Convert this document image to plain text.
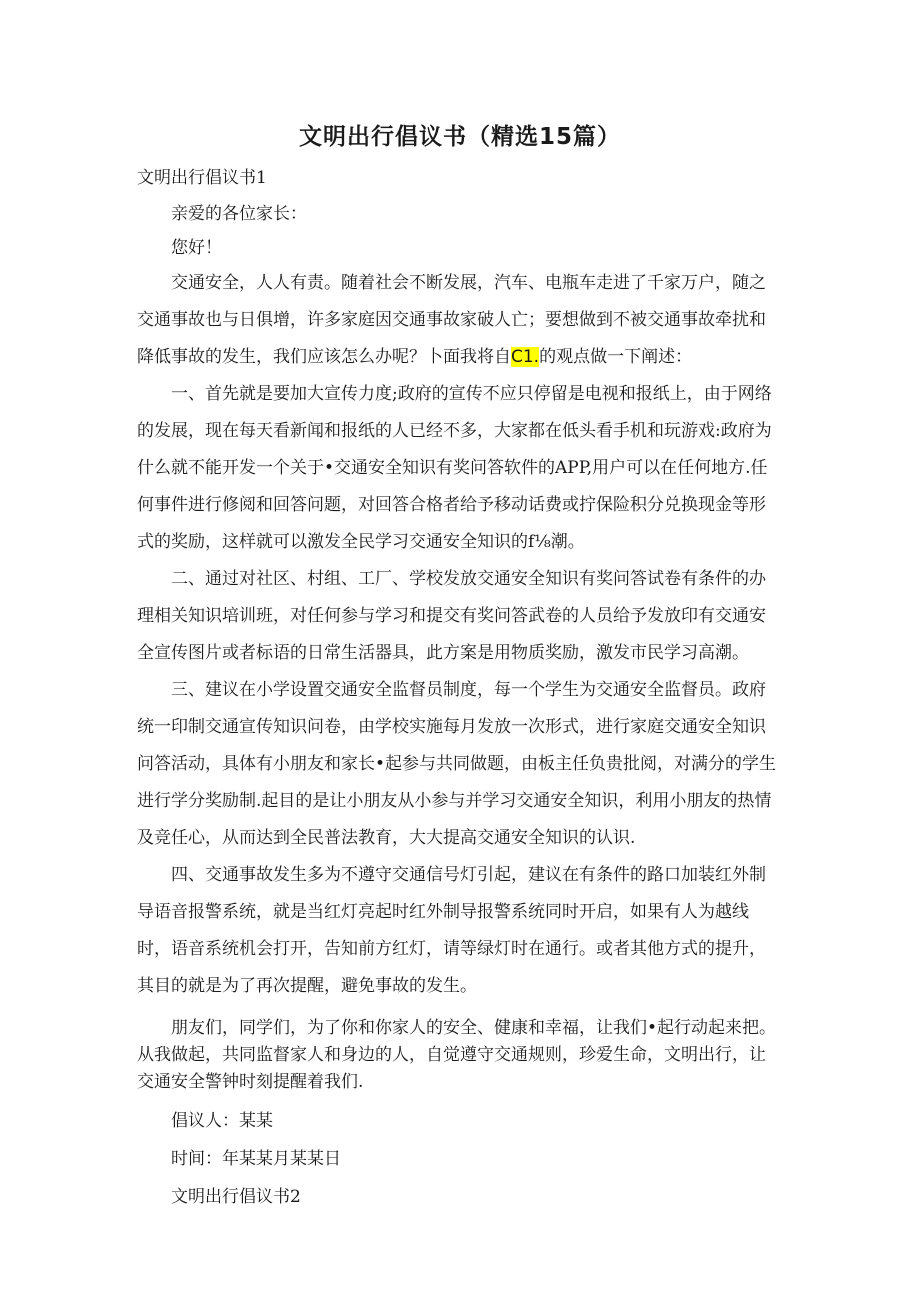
文明出行倡议书（精选15篇）

文明出行倡议书1

亲爱的各位家长：

您好！

交通安全，人人有责。随着社会不断发展，汽车、电瓶车走进了千家万户，随之交通事故也与日俱增，许多家庭因交通事故家破人亡；要想做到不被交通事故牵扰和降低事故的发生，我们应该怎么办呢？卜面我将自C1.的观点做一下阐述：

一、首先就是要加大宣传力度;政府的宣传不应只停留是电视和报纸上，由于网络的发展，现在每天看新闻和报纸的人已经不多，大家都在低头看手机和玩游戏:政府为什么就不能开发一个关于•交通安全知识有奖问答软件的APP,用户可以在任何地方.任何事件进行修阅和回答问题，对回答合格者给予移动话费或拧保险积分兑换现金等形式的奖励，这样就可以激发全民学习交通安全知识的f⅛潮。

二、通过对社区、村组、工厂、学校发放交通安全知识有奖问答试卷有条件的办理相关知识培训班，对任何参与学习和提交有奖问答武卷的人员给予发放印有交通安全宣传图片或者标语的日常生活器具，此方案是用物质奖励，激发市民学习高潮。

三、建议在小学设置交通安全监督员制度，每一个学生为交通安全监督员。政府统一印制交通宣传知识问卷，由学校实施每月发放一次形式，进行家庭交通安全知识问答活动，具体有小朋友和家长•起参与共同做题，由板主任负贵批阅，对满分的学生进行学分奖励制.起目的是让小朋友从小参与并学习交通安全知识，利用小朋友的热情及竞任心，从而达到全民普法教育，大大提高交通安全知识的认识.

四、交通事故发生多为不遵守交通信号灯引起，建议在有条件的路口加装红外制导语音报警系统，就是当红灯亮起时红外制导报警系统同时开启，如果有人为越线时，语音系统机会打开，告知前方红灯，请等绿灯时在通行。或者其他方式的提升，其目的就是为了再次提醒，避免事故的发生。

朋友们，同学们，为了你和你家人的安全、健康和幸福，让我们•起行动起来把。从我做起，共同监督家人和身边的人，自觉遵守交通规则，珍爱生命，文明出行，让交通安全警钟时刻提醒着我们.

倡议人：某某

时间：年某某月某某日

文明出行倡议书2
